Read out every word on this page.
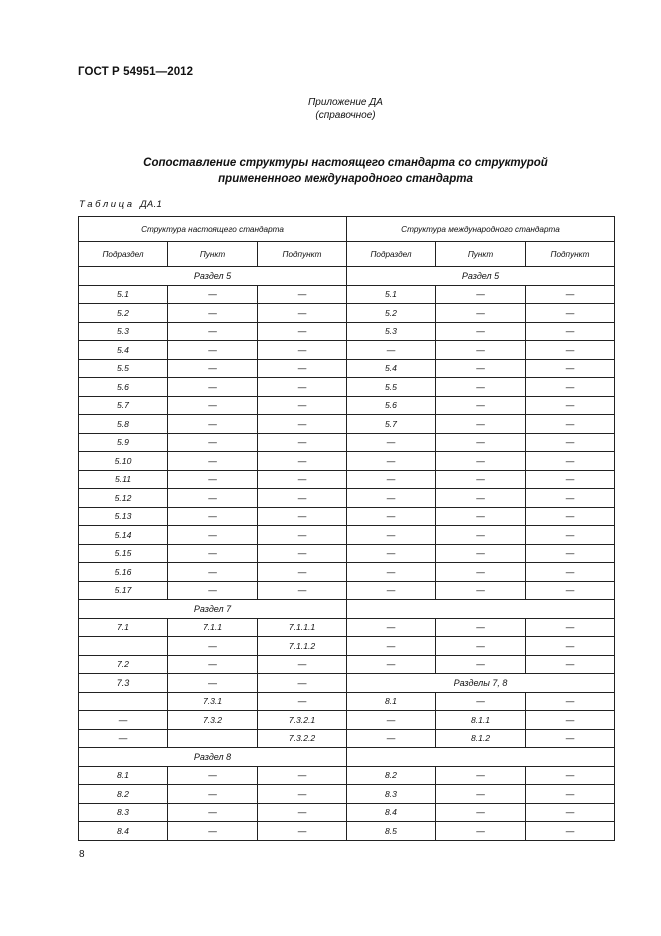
ГОСТ Р 54951—2012
Приложение ДА
(справочное)
Сопоставление структуры настоящего стандарта со структурой
примененного международного стандарта
Таблица ДА.1
Структура настоящего стандарта			Структура международного стандарта		
Подраздел	Пункт	Подпункт	Подраздел	Пункт	Подпункт
Раздел 5			Раздел 5		
5.1	—	—	5.1	—	—
5.2	—	—	5.2	—	—
5.3	—	—	5.3	—	—
5.4	—	—	—	—	—
5.5	—	—	5.4	—	—
5.6	—	—	5.5	—	—
5.7	—	—	5.6	—	—
5.8	—	—	5.7	—	—
5.9	—	—	—	—	—
5.10	—	—	—	—	—
5.11	—	—	—	—	—
5.12	—	—	—	—	—
5.13	—	—	—	—	—
5.14	—	—	—	—	—
5.15	—	—	—	—	—
5.16	—	—	—	—	—
5.17	—	—	—	—	—
Раздел 7					
7.1	7.1.1	7.1.1.1	—	—	—
	—	7.1.1.2	—	—	—
7.2	—	—	—	—	—
7.3	—	—	Разделы 7, 8		
	7.3.1	—	8.1	—	—
—	7.3.2	7.3.2.1	—	8.1.1	—
—		7.3.2.2	—	8.1.2	—
Раздел 8					
8.1	—	—	8.2	—	—
8.2	—	—	8.3	—	—
8.3	—	—	8.4	—	—
8.4	—	—	8.5	—	—
8
